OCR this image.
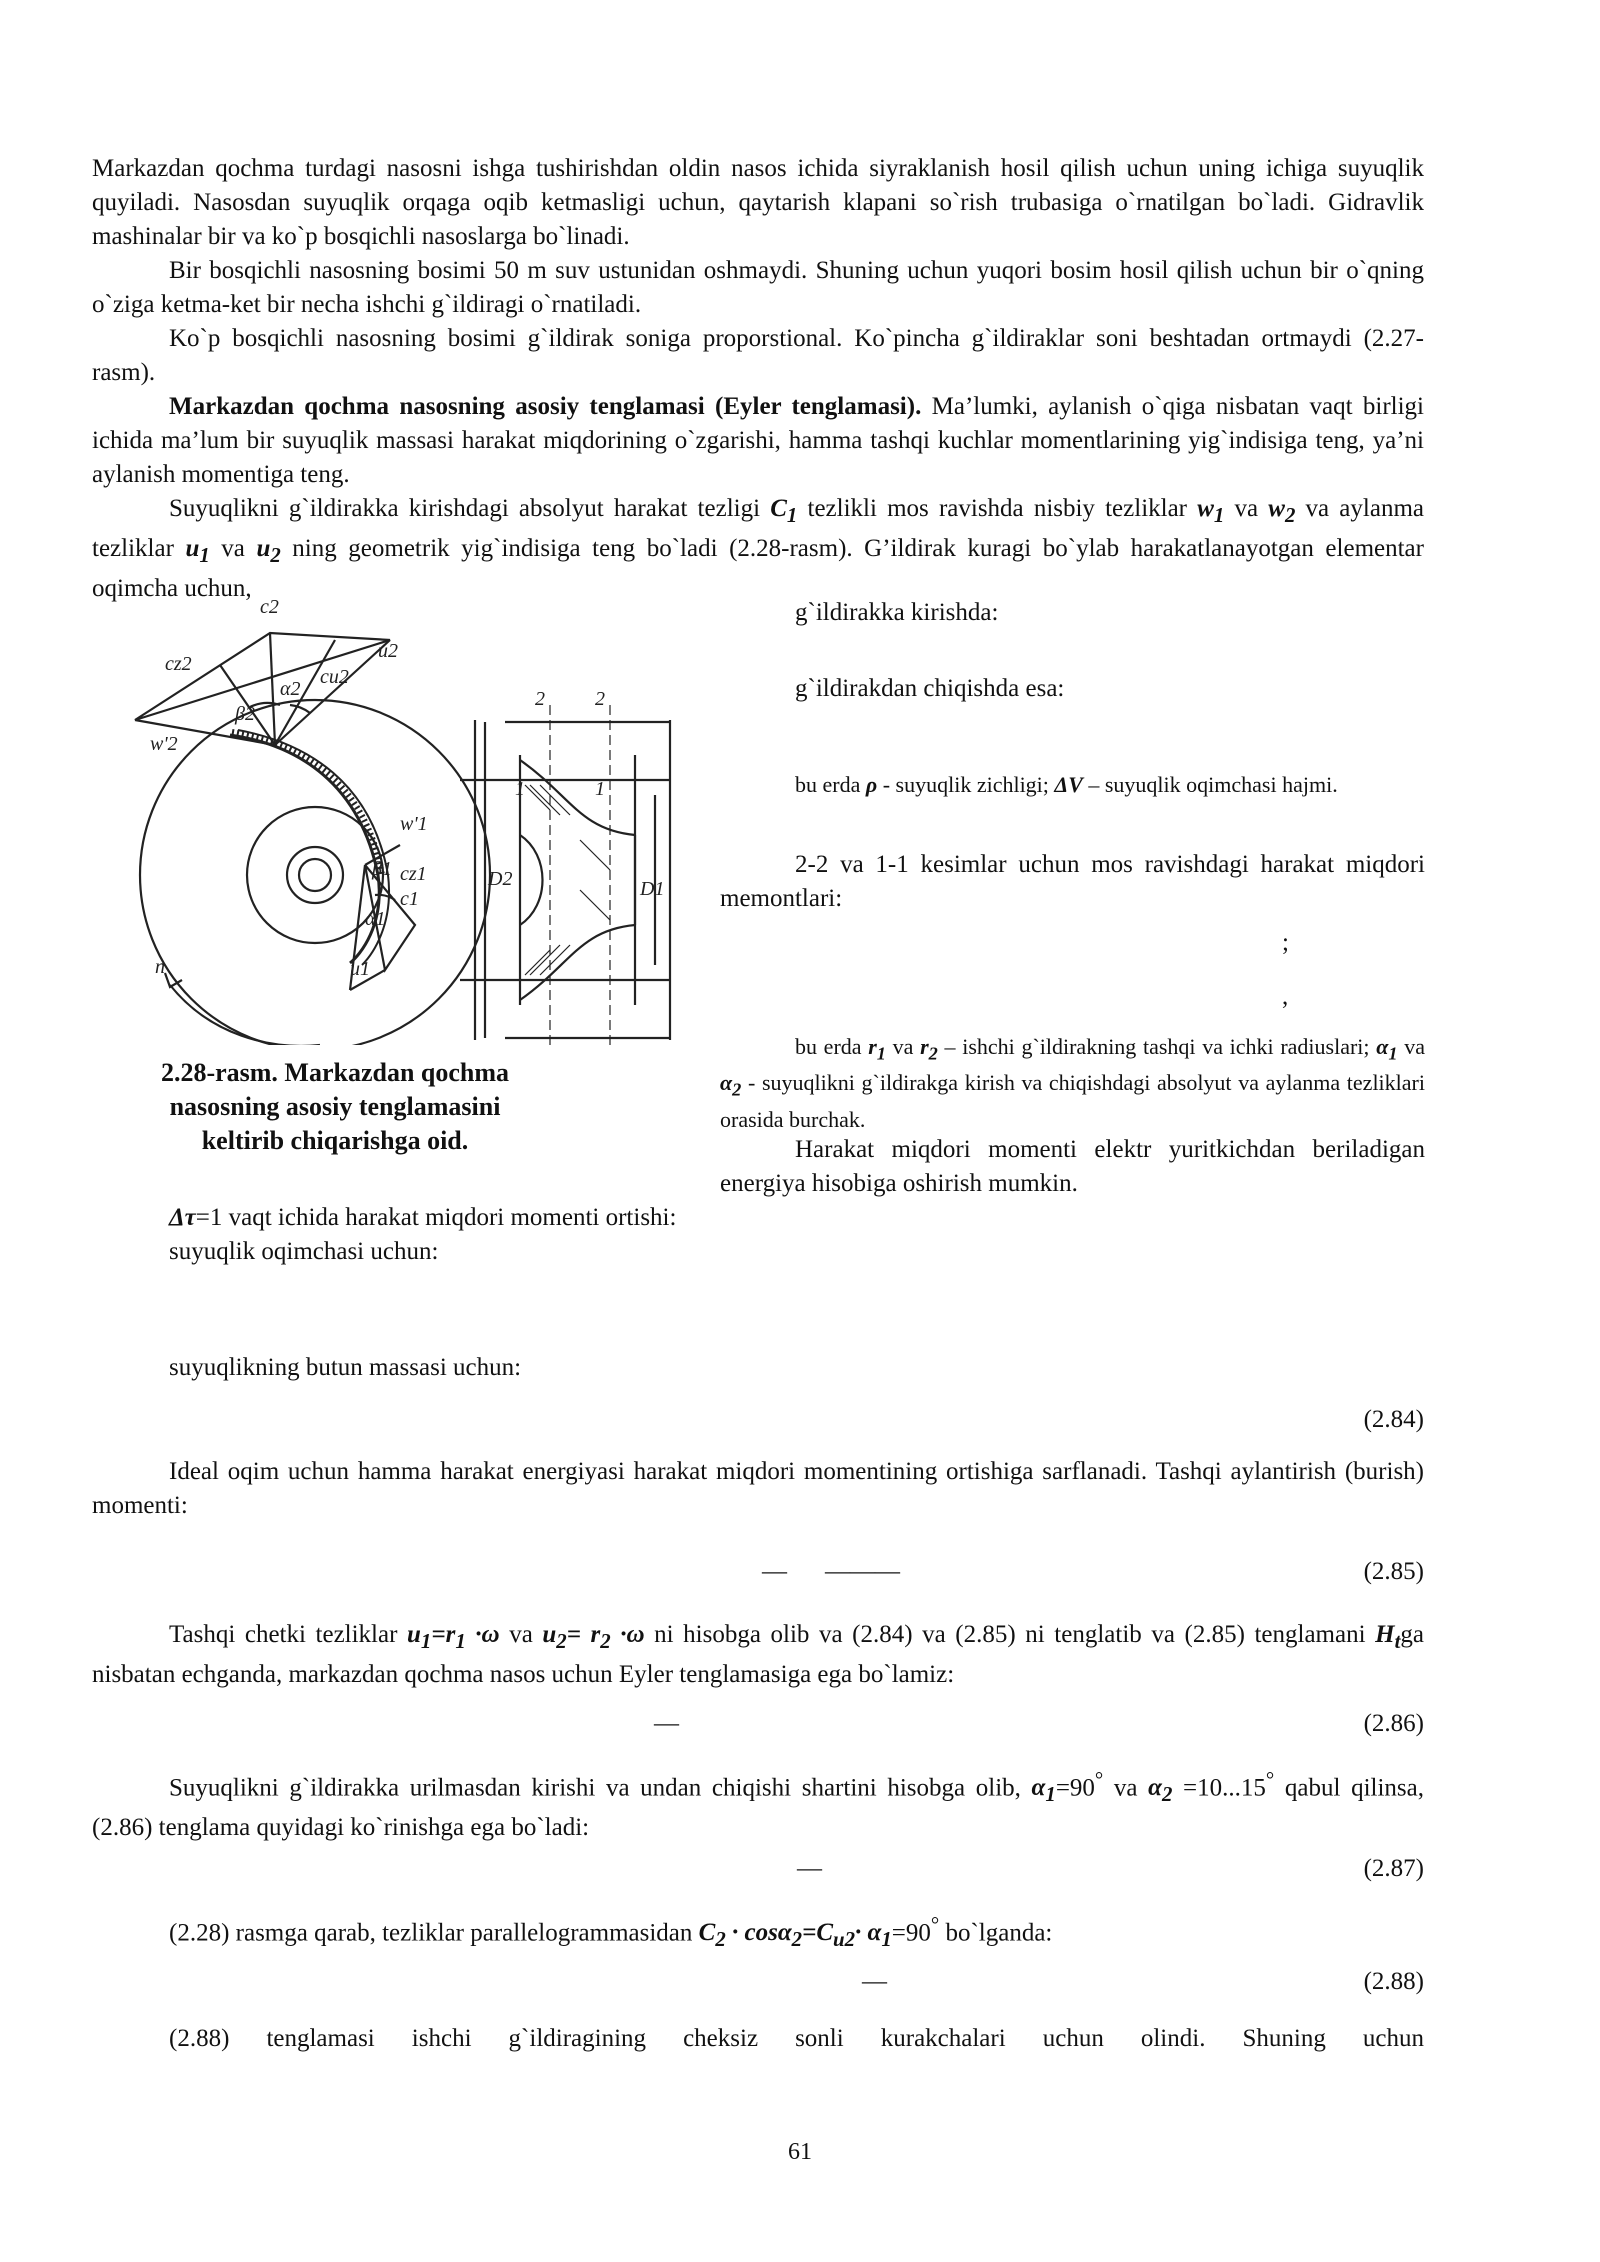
Markazdan qochma turdagi nasosni ishga tushirishdan oldin nasos ichida siyraklanish hosil qilish uchun uning ichiga suyuqlik quyiladi. Nasosdan suyuqlik orqaga oqib ketmasligi uchun, qaytarish klapani so`rish trubasiga o`rnatilgan bo`ladi. Gidravlik mashinalar bir va ko`p bosqichli nasoslarga bo`linadi.

Bir bosqichli nasosning bosimi 50 m suv ustunidan oshmaydi. Shuning uchun yuqori bosim hosil qilish uchun bir o`qning o`ziga ketma-ket bir necha ishchi g`ildiragi o`rnatiladi.

Ko`p bosqichli nasosning bosimi g`ildirak soniga proporstional. Ko`pincha g`ildiraklar soni beshtadan ortmaydi (2.27- rasm).

Markazdan qochma nasosning asosiy tenglamasi (Eyler tenglamasi). Ma’lumki, aylanish o`qiga nisbatan vaqt birligi ichida ma’lum bir suyuqlik massasi harakat miqdorining o`zgarishi, hamma tashqi kuchlar momentlarining yig`indisiga teng, ya’ni aylanish momentiga teng.

Suyuqlikni g`ildirakka kirishdagi absolyut harakat tezligi $C_1$ tezlikli mos ravishda nisbiy tezliklar $w_1$ va $w_2$ va aylanma tezliklar $u_1$ va $u_2$ ning geometrik yig`indisiga teng bo`ladi (2.28-rasm). G’ildirak kuragi bo`ylab harakatlanayotgan elementar oqimcha uchun,

c2
u2
cz2
cu2
β2
α2
w'2
w'1
β1 cz1
c1
α1
u1
n
2	2
1	1
D2	D1
2.28-rasm. Markazdan qochma nasosning asosiy tenglamasini keltirib chiqarishga oid.
g`ildirakka kirishda:
g`ildirakdan chiqishda esa:
bu erda ρ - suyuqlik zichligi; ΔV – suyuqlik oqimchasi hajmi.
2-2 va 1-1 kesimlar uchun mos ravishdagi harakat miqdori memontlari:
;
,
bu erda $r_1$ va $r_2$ – ishchi g`ildirakning tashqi va ichki radiuslari; $\alpha_1$ va $\alpha_2$ - suyuqlikni g`ildirakga kirish va chiqishdagi absolyut va aylanma tezliklari orasida burchak.
Harakat miqdori momenti elektr yuritkichdan beriladigan energiya hisobiga oshirish mumkin.
Δτ=1 vaqt ichida harakat miqdori momenti ortishi:
suyuqlik oqimchasi uchun:
suyuqlikning butun massasi uchun:
(2.84)

Ideal oqim uchun hamma harakat energiyasi harakat miqdori momentining ortishiga sarflanadi. Tashqi aylantirish (burish) momenti:

— ———	(2.85)

Tashqi chetki tezliklar $u_1=r_1 \cdot\omega$ va $u_2= r_2 \cdot\omega$ ni hisobga olib va (2.84) va (2.85) ni tenglatib va (2.85) tenglamani $H_tga$ nisbatan echganda, markazdan qochma nasos uchun Eyler tenglamasiga ega bo`lamiz:

—	(2.86)

Suyuqlikni g`ildirakka urilmasdan kirishi va undan chiqishi shartini hisobga olib, $\alpha_1=90^\circ$ va $\alpha_2 =10...15^\circ$ qabul qilinsa, (2.86) tenglama quyidagi ko`rinishga ega bo`ladi:

—	(2.87)
(2.28) rasmga qarab, tezliklar parallelogrammasidan $C_2 \cdot \cos\alpha_2=C_{u2}\cdot \alpha_1=90^\circ$ bo`lganda:
—	(2.88)
(2.88) tenglamasi ishchi g`ildiragining cheksiz sonli kurakchalari uchun olindi. Shuning uchun
61
